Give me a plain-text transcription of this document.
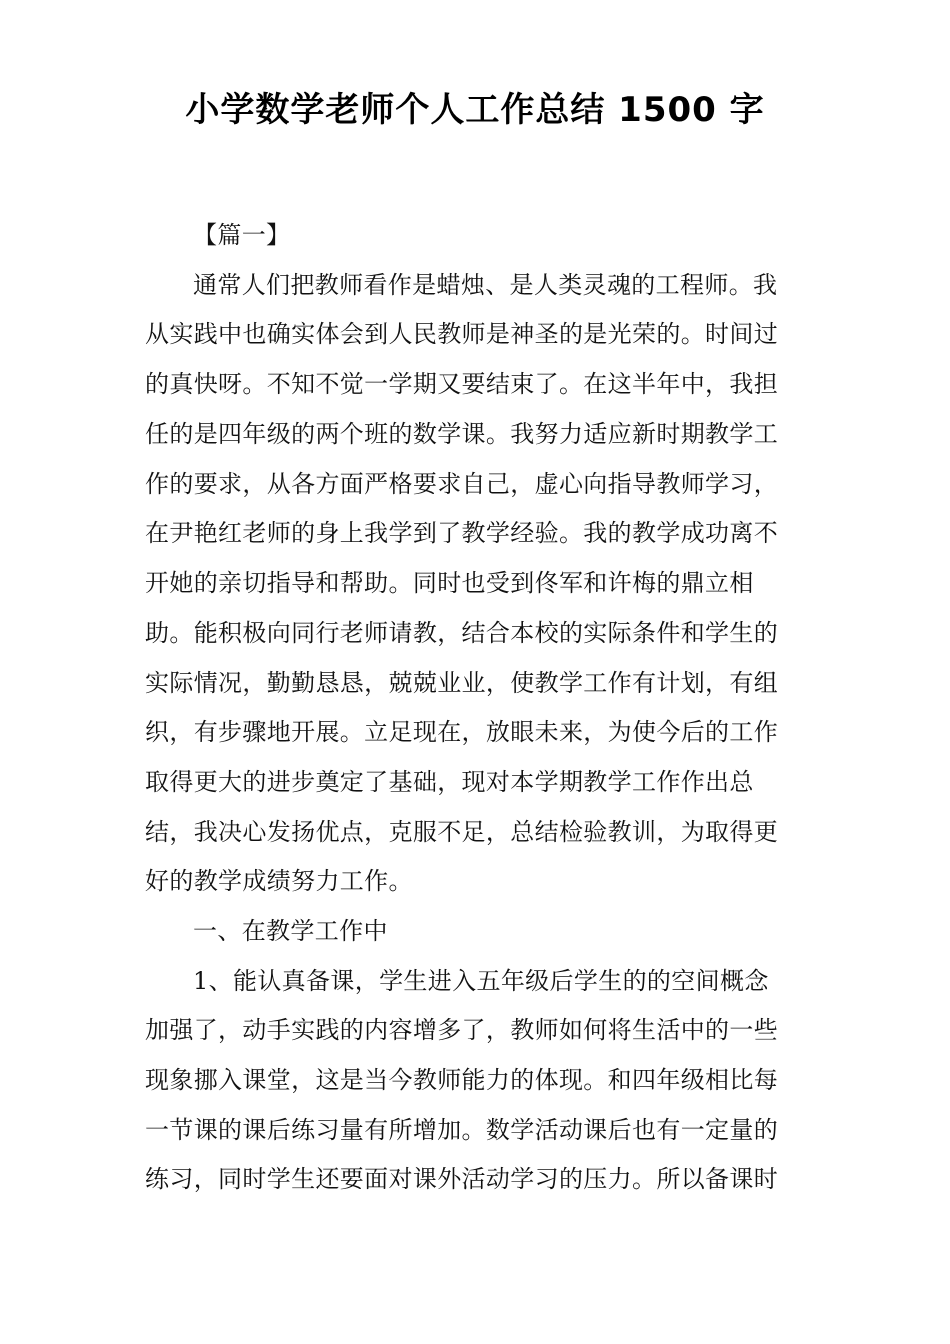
小学数学老师个人工作总结 1500 字
【篇一】
通常人们把教师看作是蜡烛、是人类灵魂的工程师。我
从实践中也确实体会到人民教师是神圣的是光荣的。时间过
的真快呀。不知不觉一学期又要结束了。在这半年中，我担
任的是四年级的两个班的数学课。我努力适应新时期教学工
作的要求，从各方面严格要求自己，虚心向指导教师学习，
在尹艳红老师的身上我学到了教学经验。我的教学成功离不
开她的亲切指导和帮助。同时也受到佟军和许梅的鼎立相
助。能积极向同行老师请教，结合本校的实际条件和学生的
实际情况，勤勤恳恳，兢兢业业，使教学工作有计划，有组
织，有步骤地开展。立足现在，放眼未来，为使今后的工作
取得更大的进步奠定了基础，现对本学期教学工作作出总
结，我决心发扬优点，克服不足，总结检验教训，为取得更
好的教学成绩努力工作。
一、在教学工作中
1、能认真备课，学生进入五年级后学生的的空间概念
加强了，动手实践的内容增多了，教师如何将生活中的一些
现象挪入课堂，这是当今教师能力的体现。和四年级相比每
一节课的课后练习量有所增加。数学活动课后也有一定量的
练习，同时学生还要面对课外活动学习的压力。所以备课时
